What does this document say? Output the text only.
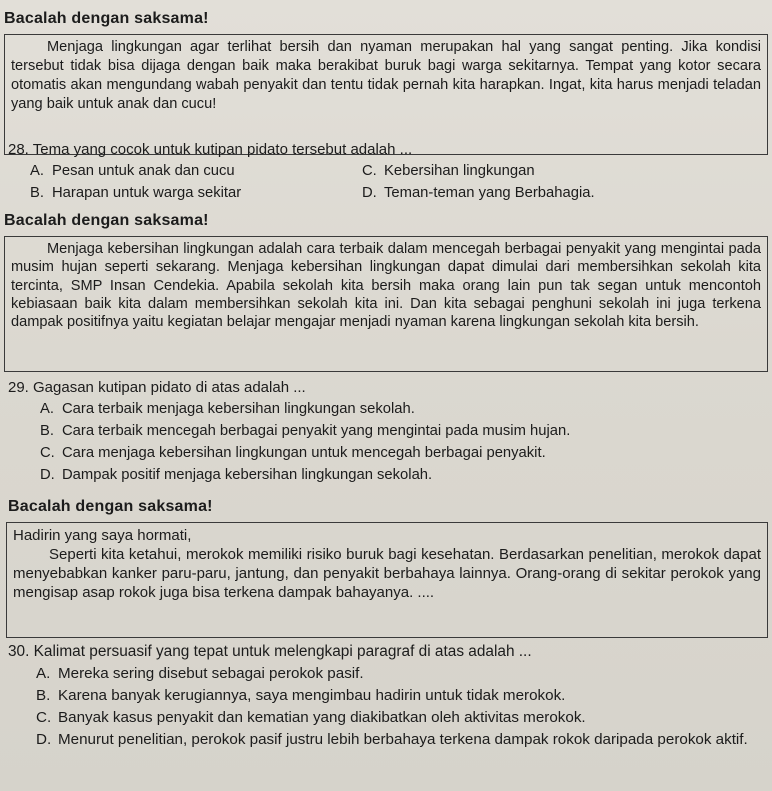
Bacalah dengan saksama!
Menjaga lingkungan agar terlihat bersih dan nyaman merupakan hal yang sangat penting. Jika kondisi tersebut tidak bisa dijaga dengan baik maka berakibat buruk bagi warga sekitarnya. Tempat yang kotor secara otomatis akan mengundang wabah penyakit dan tentu tidak pernah kita harapkan. Ingat, kita harus menjadi teladan yang baik untuk anak dan cucu!
28. Tema yang cocok untuk kutipan pidato tersebut adalah ...
A. Pesan untuk anak dan cucu
B. Harapan untuk warga sekitar
C. Kebersihan lingkungan
D. Teman-teman yang Berbahagia.
Bacalah dengan saksama!
Menjaga kebersihan lingkungan adalah cara terbaik dalam mencegah berbagai penyakit yang mengintai pada musim hujan seperti sekarang. Menjaga kebersihan lingkungan dapat dimulai dari membersihkan sekolah kita tercinta, SMP Insan Cendekia. Apabila sekolah kita bersih maka orang lain pun tak segan untuk mencontoh kebiasaan baik kita dalam membersihkan sekolah kita ini. Dan kita sebagai penghuni sekolah ini juga terkena dampak positifnya yaitu kegiatan belajar mengajar menjadi nyaman karena lingkungan sekolah kita bersih.
29. Gagasan kutipan pidato di atas adalah ...
A. Cara terbaik menjaga kebersihan lingkungan sekolah.
B. Cara terbaik mencegah berbagai penyakit yang mengintai pada musim hujan.
C. Cara menjaga kebersihan lingkungan untuk mencegah berbagai penyakit.
D. Dampak positif menjaga kebersihan lingkungan sekolah.
Bacalah dengan saksama!
Hadirin yang saya hormati,
Seperti kita ketahui, merokok memiliki risiko buruk bagi kesehatan. Berdasarkan penelitian, merokok dapat menyebabkan kanker paru-paru, jantung, dan penyakit berbahaya lainnya. Orang-orang di sekitar perokok yang mengisap asap rokok juga bisa terkena dampak bahayanya. ....
30. Kalimat persuasif yang tepat untuk melengkapi paragraf di atas adalah ...
A. Mereka sering disebut sebagai perokok pasif.
B. Karena banyak kerugiannya, saya mengimbau hadirin untuk tidak merokok.
C. Banyak kasus penyakit dan kematian yang diakibatkan oleh aktivitas merokok.
D. Menurut penelitian, perokok pasif justru lebih berbahaya terkena dampak rokok daripada perokok aktif.
